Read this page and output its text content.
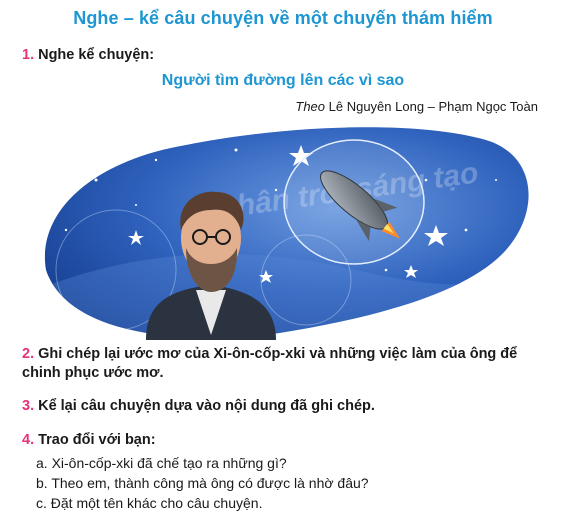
Nghe – kể câu chuyện về một chuyến thám hiểm
1. Nghe kể chuyện:
Người tìm đường lên các vì sao
Theo Lê Nguyên Long – Phạm Ngọc Toàn
Chân trời sáng tạo
2. Ghi chép lại ước mơ của Xi-ôn-cốp-xki và những việc làm của ông để chinh phục ước mơ.
3. Kể lại câu chuyện dựa vào nội dung đã ghi chép.
4. Trao đổi với bạn:
a. Xi-ôn-cốp-xki đã chế tạo ra những gì?
b. Theo em, thành công mà ông có được là nhờ đâu?
c. Đặt một tên khác cho câu chuyện.
